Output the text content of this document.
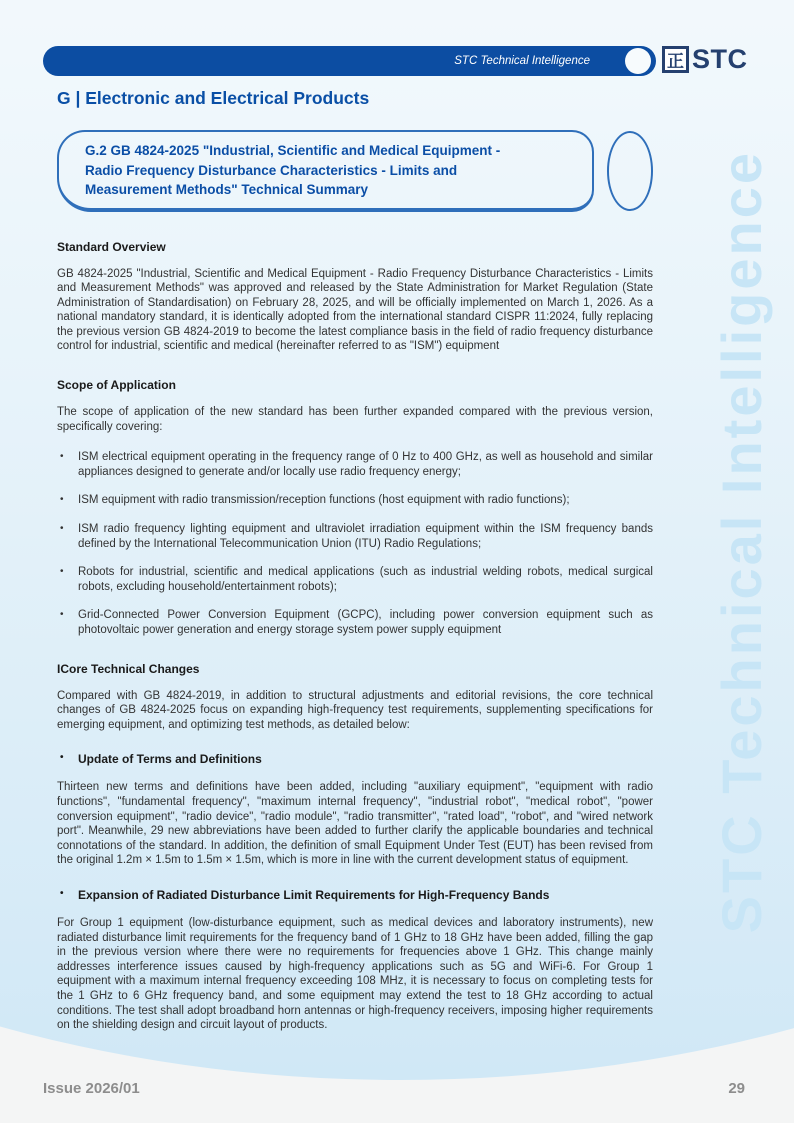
STC Technical Intelligence
STC Technical Intelligence	正 STC
G | Electronic and Electrical Products
G.2 GB 4824-2025 "Industrial, Scientific and Medical Equipment -
Radio Frequency Disturbance Characteristics - Limits and
Measurement Methods" Technical Summary
Standard Overview

GB 4824-2025 "Industrial, Scientific and Medical Equipment - Radio Frequency Disturbance Characteristics - Limits and Measurement Methods" was approved and released by the State Administration for Market Regulation (State Administration of Standardisation) on February 28, 2025, and will be officially implemented on March 1, 2026. As a national mandatory standard, it is identically adopted from the international standard CISPR 11:2024, fully replacing the previous version GB 4824-2019 to become the latest compliance basis in the field of radio frequency disturbance control for industrial, scientific and medical (hereinafter referred to as "ISM") equipment

Scope of Application

The scope of application of the new standard has been further expanded compared with the previous version, specifically covering:

• ISM electrical equipment operating in the frequency range of 0 Hz to 400 GHz, as well as household and similar appliances designed to generate and/or locally use radio frequency energy;
• ISM equipment with radio transmission/reception functions (host equipment with radio functions);
• ISM radio frequency lighting equipment and ultraviolet irradiation equipment within the ISM frequency bands defined by the International Telecommunication Union (ITU) Radio Regulations;
• Robots for industrial, scientific and medical applications (such as industrial welding robots, medical surgical robots, excluding household/entertainment robots);
• Grid-Connected Power Conversion Equipment (GCPC), including power conversion equipment such as photovoltaic power generation and energy storage system power supply equipment
ICore Technical Changes

Compared with GB 4824-2019, in addition to structural adjustments and editorial revisions, the core technical changes of GB 4824-2025 focus on expanding high-frequency test requirements, supplementing specifications for emerging equipment, and optimizing test methods, as detailed below:

• Update of Terms and Definitions

Thirteen new terms and definitions have been added, including "auxiliary equipment", "equipment with radio functions", "fundamental frequency", "maximum internal frequency", "industrial robot", "medical robot", "power conversion equipment", "radio device", "radio module", "radio transmitter", "rated load", "robot", and "wired network port". Meanwhile, 29 new abbreviations have been added to further clarify the applicable boundaries and technical connotations of the standard. In addition, the definition of small Equipment Under Test (EUT) has been revised from the original 1.2m × 1.5m to 1.5m × 1.5m, which is more in line with the current development status of equipment.

• Expansion of Radiated Disturbance Limit Requirements for High-Frequency Bands

For Group 1 equipment (low-disturbance equipment, such as medical devices and laboratory instruments), new radiated disturbance limit requirements for the frequency band of 1 GHz to 18 GHz have been added, filling the gap in the previous version where there were no requirements for frequencies above 1 GHz. This change mainly addresses interference issues caused by high-frequency applications such as 5G and WiFi-6. For Group 1 equipment with a maximum internal frequency exceeding 108 MHz, it is necessary to focus on completing tests for the 1 GHz to 6 GHz frequency band, and some equipment may extend the test to 18 GHz according to actual conditions. The test shall adopt broadband horn antennas or high-frequency receivers, imposing higher requirements on the shielding design and circuit layout of products.

Issue 2026/01	29
